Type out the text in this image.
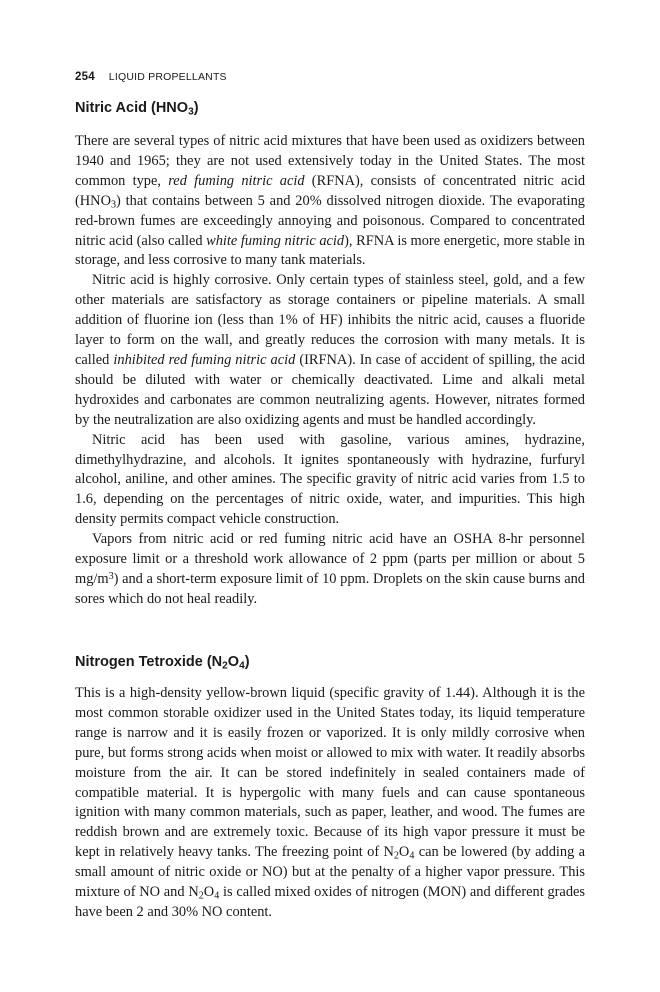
254 LIQUID PROPELLANTS
Nitric Acid $(HNO_3)$

There are several types of nitric acid mixtures that have been used as oxidizers between 1940 and 1965; they are not used extensively today in the United States. The most common type, red fuming nitric acid (RFNA), consists of concentrated nitric acid $(HNO_3)$ that contains between 5 and 20% dissolved nitrogen dioxide. The evaporating red-brown fumes are exceedingly annoying and poisonous. Compared to concentrated nitric acid (also called white fuming nitric acid), RFNA is more energetic, more stable in storage, and less corrosive to many tank materials.

Nitric acid is highly corrosive. Only certain types of stainless steel, gold, and a few other materials are satisfactory as storage containers or pipeline materials. A small addition of fluorine ion (less than 1% of HF) inhibits the nitric acid, causes a fluoride layer to form on the wall, and greatly reduces the corrosion with many metals. It is called inhibited red fuming nitric acid (IRFNA). In case of accident of spilling, the acid should be diluted with water or chemically deactivated. Lime and alkali metal hydroxides and carbonates are common neutralizing agents. However, nitrates formed by the neutralization are also oxidizing agents and must be handled accordingly.

Nitric acid has been used with gasoline, various amines, hydrazine, dimethylhydrazine, and alcohols. It ignites spontaneously with hydrazine, furfuryl alcohol, aniline, and other amines. The specific gravity of nitric acid varies from 1.5 to 1.6, depending on the percentages of nitric oxide, water, and impurities. This high density permits compact vehicle construction.

Vapors from nitric acid or red fuming nitric acid have an OSHA 8-hr personnel exposure limit or a threshold work allowance of 2 ppm (parts per million or about 5 $mg/m^3$) and a short-term exposure limit of 10 ppm. Droplets on the skin cause burns and sores which do not heal readily.

Nitrogen Tetroxide $(N_2O_4)$

This is a high-density yellow-brown liquid (specific gravity of 1.44). Although it is the most common storable oxidizer used in the United States today, its liquid temperature range is narrow and it is easily frozen or vaporized. It is only mildly corrosive when pure, but forms strong acids when moist or allowed to mix with water. It readily absorbs moisture from the air. It can be stored indefinitely in sealed containers made of compatible material. It is hypergolic with many fuels and can cause spontaneous ignition with many common materials, such as paper, leather, and wood. The fumes are reddish brown and are extremely toxic. Because of its high vapor pressure it must be kept in relatively heavy tanks. The freezing point of $N_2O_4$ can be lowered (by adding a small amount of nitric oxide or NO) but at the penalty of a higher vapor pressure. This mixture of NO and $N_2O_4$ is called mixed oxides of nitrogen (MON) and different grades have been 2 and 30% NO content.
